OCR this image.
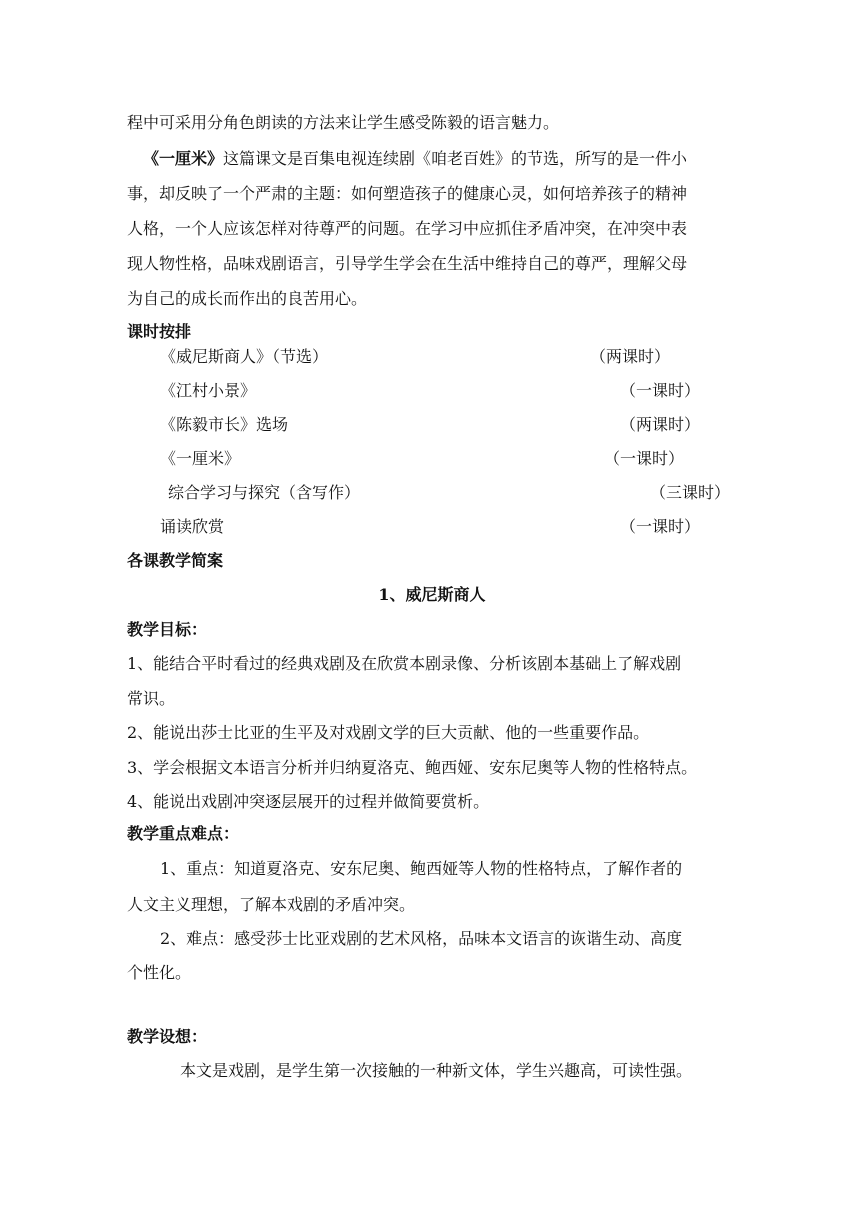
程中可采用分角色朗读的方法来让学生感受陈毅的语言魅力。
《一厘米》这篇课文是百集电视连续剧《咱老百姓》的节选，所写的是一件小
事，却反映了一个严肃的主题：如何塑造孩子的健康心灵，如何培养孩子的精神
人格，一个人应该怎样对待尊严的问题。在学习中应抓住矛盾冲突，在冲突中表
现人物性格，品味戏剧语言，引导学生学会在生活中维持自己的尊严，理解父母
为自己的成长而作出的良苦用心。
课时按排
《威尼斯商人》（节选）	（两课时）
《江村小景》	（一课时）
《陈毅市长》选场	（两课时）
《一厘米》	（一课时）
综合学习与探究（含写作）	（三课时）
诵读欣赏	（一课时）
各课教学简案
1、威尼斯商人
教学目标：
1、能结合平时看过的经典戏剧及在欣赏本剧录像、分析该剧本基础上了解戏剧
常识。
2、能说出莎士比亚的生平及对戏剧文学的巨大贡献、他的一些重要作品。
3、学会根据文本语言分析并归纳夏洛克、鲍西娅、安东尼奥等人物的性格特点。
4、能说出戏剧冲突逐层展开的过程并做简要赏析。
教学重点难点：
1、重点：知道夏洛克、安东尼奥、鲍西娅等人物的性格特点，了解作者的
人文主义理想，了解本戏剧的矛盾冲突。
2、难点：感受莎士比亚戏剧的艺术风格，品味本文语言的诙谐生动、高度
个性化。
教学设想：
本文是戏剧，是学生第一次接触的一种新文体，学生兴趣高，可读性强。
